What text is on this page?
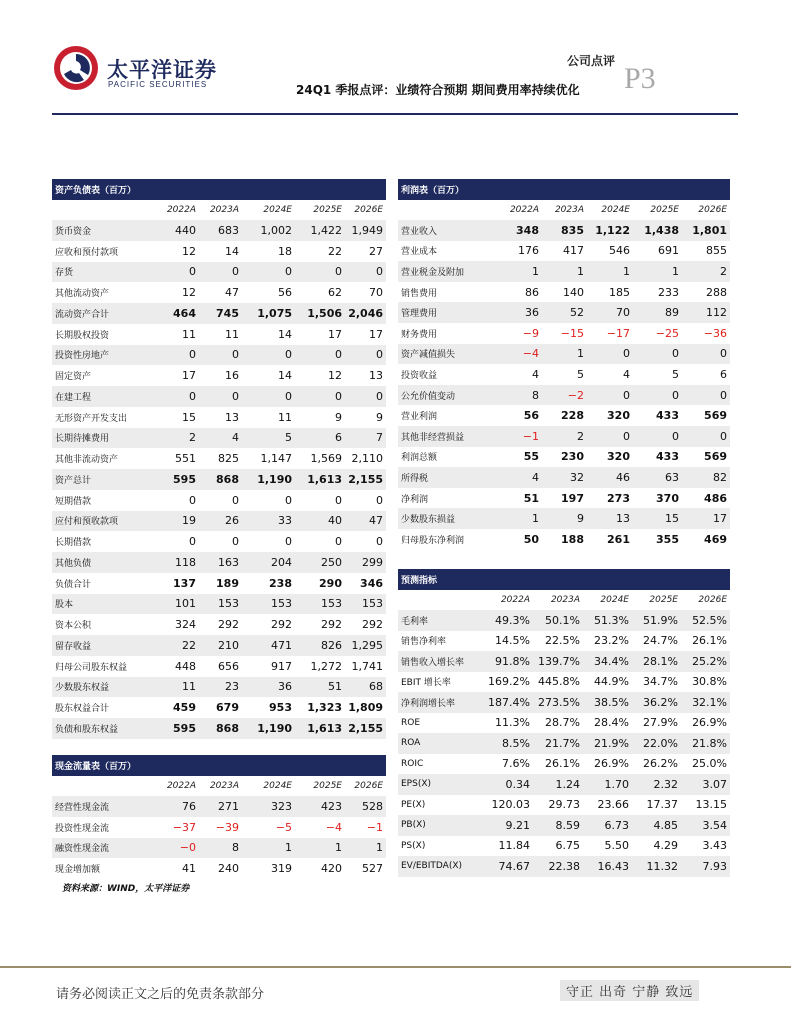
太平洋证券
PACIFIC SECURITIES
公司点评
P3
24Q1 季报点评：业绩符合预期 期间费用率持续优化
资产负债表（百万）					
	2022A	2023A	2024E	2025E	2026E
货币资金	440	683	1,002	1,422	1,949
应收和预付款项	12	14	18	22	27
存货	0	0	0	0	0
其他流动资产	12	47	56	62	70
流动资产合计	464	745	1,075	1,506	2,046
长期股权投资	11	11	14	17	17
投资性房地产	0	0	0	0	0
固定资产	17	16	14	12	13
在建工程	0	0	0	0	0
无形资产开发支出	15	13	11	9	9
长期待摊费用	2	4	5	6	7
其他非流动资产	551	825	1,147	1,569	2,110
资产总计	595	868	1,190	1,613	2,155
短期借款	0	0	0	0	0
应付和预收款项	19	26	33	40	47
长期借款	0	0	0	0	0
其他负债	118	163	204	250	299
负债合计	137	189	238	290	346
股本	101	153	153	153	153
资本公积	324	292	292	292	292
留存收益	22	210	471	826	1,295
归母公司股东权益	448	656	917	1,272	1,741
少数股东权益	11	23	36	51	68
股东权益合计	459	679	953	1,323	1,809
负债和股东权益	595	868	1,190	1,613	2,155
现金流量表（百万）					
	2022A	2023A	2024E	2025E	2026E
经营性现金流	76	271	323	423	528
投资性现金流	−37	−39	−5	−4	−1
融资性现金流	−0	8	1	1	1
现金增加额	41	240	319	420	527
利润表（百万）					
	2022A	2023A	2024E	2025E	2026E
营业收入	348	835	1,122	1,438	1,801
营业成本	176	417	546	691	855
营业税金及附加	1	1	1	1	2
销售费用	86	140	185	233	288
管理费用	36	52	70	89	112
财务费用	−9	−15	−17	−25	−36
资产减值损失	−4	1	0	0	0
投资收益	4	5	4	5	6
公允价值变动	8	−2	0	0	0
营业利润	56	228	320	433	569
其他非经营损益	−1	2	0	0	0
利润总额	55	230	320	433	569
所得税	4	32	46	63	82
净利润	51	197	273	370	486
少数股东损益	1	9	13	15	17
归母股东净利润	50	188	261	355	469
预测指标					
	2022A	2023A	2024E	2025E	2026E
毛利率	49.3%	50.1%	51.3%	51.9%	52.5%
销售净利率	14.5%	22.5%	23.2%	24.7%	26.1%
销售收入增长率	91.8%	139.7%	34.4%	28.1%	25.2%
EBIT 增长率	169.2%	445.8%	44.9%	34.7%	30.8%
净利润增长率	187.4%	273.5%	38.5%	36.2%	32.1%
ROE	11.3%	28.7%	28.4%	27.9%	26.9%
ROA	8.5%	21.7%	21.9%	22.0%	21.8%
ROIC	7.6%	26.1%	26.9%	26.2%	25.0%
EPS(X)	0.34	1.24	1.70	2.32	3.07
PE(X)	120.03	29.73	23.66	17.37	13.15
PB(X)	9.21	8.59	6.73	4.85	3.54
PS(X)	11.84	6.75	5.50	4.29	3.43
EV/EBITDA(X)	74.67	22.38	16.43	11.32	7.93
资料来源：WIND，太平洋证券
请务必阅读正文之后的免责条款部分	守正 出奇 宁静 致远
